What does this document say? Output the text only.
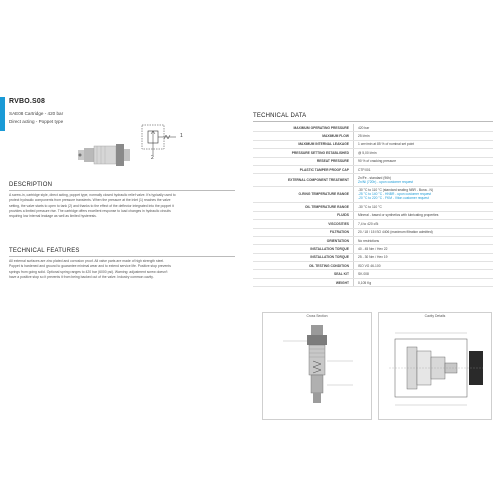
RVBO.S08
SAE08 Cartridge - 420 bar
Direct acting - Poppet type
1
2
DESCRIPTION
A screw-in, cartridge style, direct acting, poppet type, normally closed hydraulic relief valve. It's typically used to
protect hydraulic components from pressure transients. When the pressure at the inlet (1) reaches the valve
setting, the valve starts to open to tank (2) and thanks to the effect of the deflector integrated into the poppet it
provides a limited pressure rise. The cartridge offers excellent response to load changes in hydraulic circuits
requiring low internal leakage as well as limited hysteresis.
TECHNICAL FEATURES
All external surfaces are zinc plated and corrosion proof. All valve parts are made of high strength steel.
Poppet is hardened and ground to guarantee minimal wear and to extend service life. Positive stop prevents
springs from going solid. Optional spring ranges to 420 bar (6000 psi). Warning: adjustment screw doesn't
have a positive stop so it prevents it from being backed out of the valve. Industry common cavity.
TECHNICAL DATA
MAXIMUM OPERATING PRESSURE	420 bar
MAXIMUM FLOW	25 l/min
MAXIMUM INTERNAL LEAKAGE	1 cm³/min at 85 % of nominal set point
PRESSURE SETTING ESTABLISHED	@ 5,00 l/min
RESEAT PRESSURE	90 % of cracking pressure
PLASTIC TAMPER PROOF CAP	CTP.001
EXTERNAL COMPONENT TREATMENT	Zn/Fe - standard (96h)
Zn/Ni (720h) - upon customer request
O-RING TEMPERATURE RANGE
-30 °C to 110 °C (standard sealing NBR - Buna - N)
-25 °C to 140 °C - HNBR - upon customer request
-20 °C to 220 °C - FKM - Viton customer request
OIL TEMPERATURE RANGE	-30 °C to 110 °C
FLUIDS	Mineral - based or synthetics with lubricating properties
VISCOSITIES	7,4 to 420 cSt
FILTRATION	20 / 18 / 15 ISO 4406 (maximum filtration admitted)
ORIENTATION	No restrictions
INSTALLATION TORQUE	40 - 45 Nm / Hex 22
INSTALLATION TORQUE	25 - 30 Nm / Hex 19
OIL TESTING CONDITION	ISO VG 46-100
SEAL KIT	SK.008
WEIGHT	0,105 Kg
Cross Section	Cavity Details
